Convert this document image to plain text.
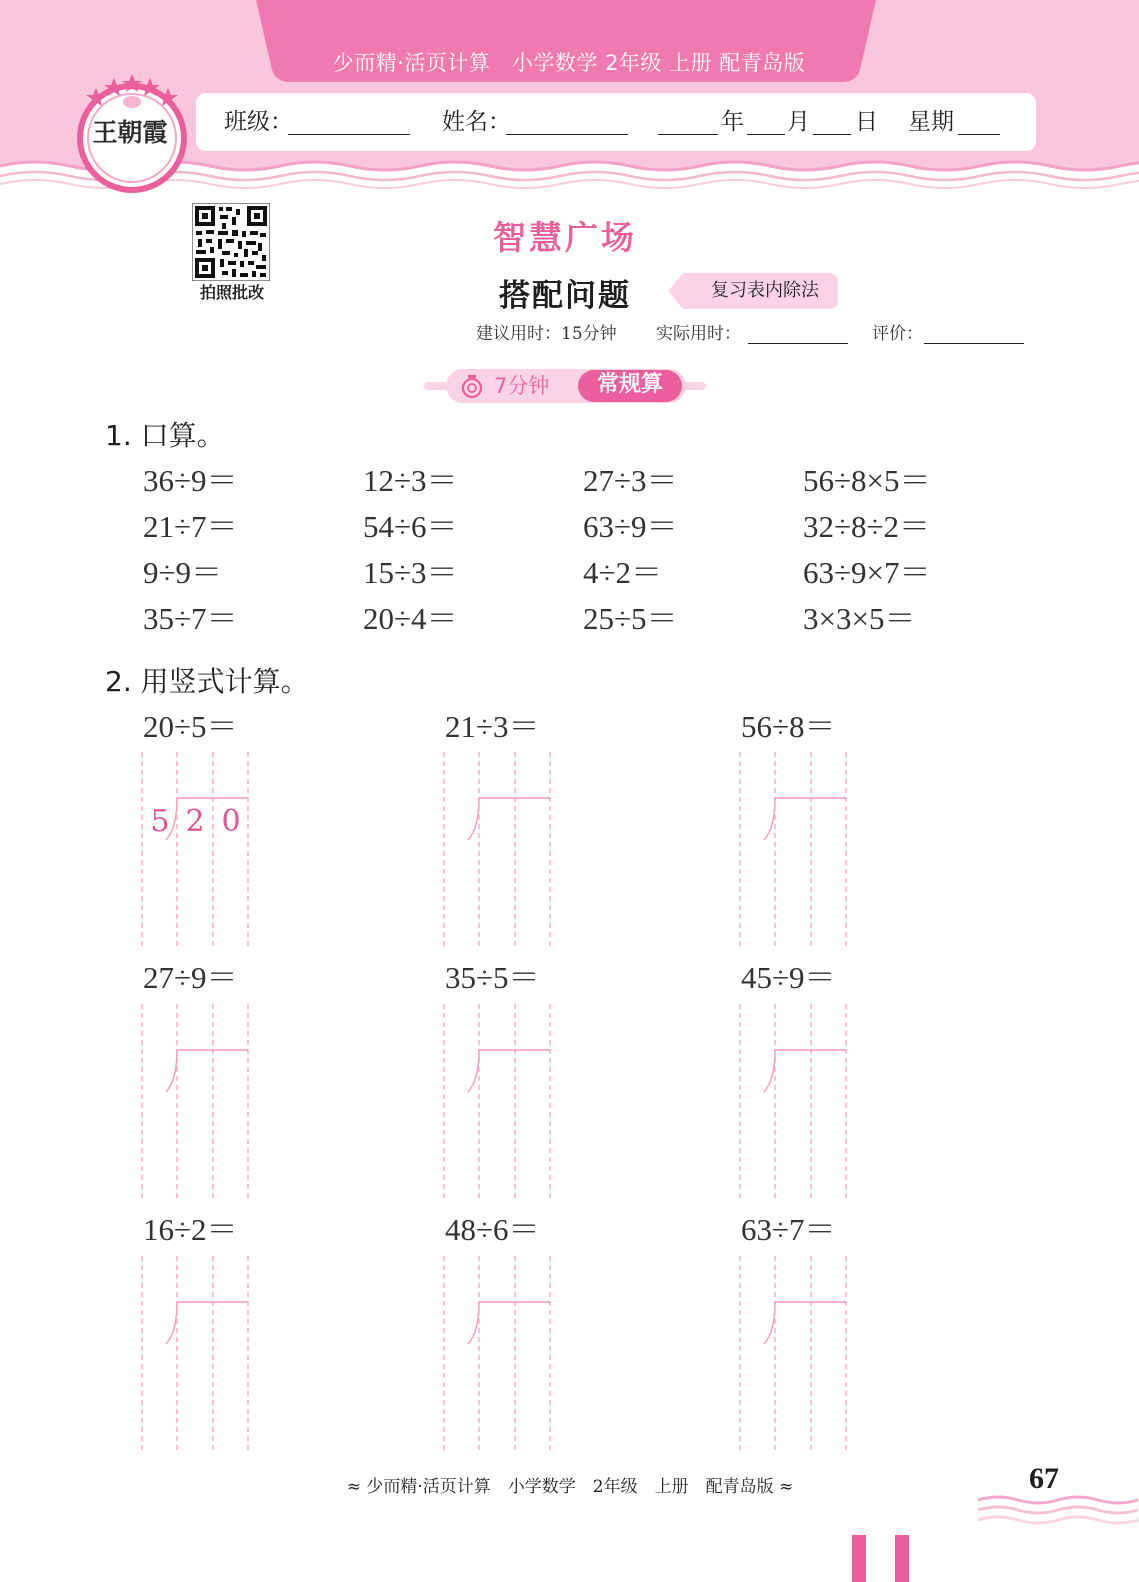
少而精·活页计算　小学数学 2年级 上册 配青岛版
王朝霞	班级：	姓名：	年 月 日 星期
拍照批改
智慧广场
搭配问题	复习表内除法
建议用时：15分钟 实际用时：	评价：
7分钟	常规算
1. 口算。
36÷9＝	12÷3＝	27÷3＝	56÷8×5＝
21÷7＝	54÷6＝	63÷9＝	32÷8÷2＝
9÷9＝	15÷3＝	4÷2＝	63÷9×7＝
35÷7＝	20÷4＝	25÷5＝	3×3×5＝
2. 用竖式计算。
20÷5＝	21÷3＝	56÷8＝
5 2 0
27÷9＝	35÷5＝	45÷9＝
16÷2＝	48÷6＝	63÷7＝
≈ 少而精·活页计算　小学数学　2年级　上册　配青岛版 ≈	67
